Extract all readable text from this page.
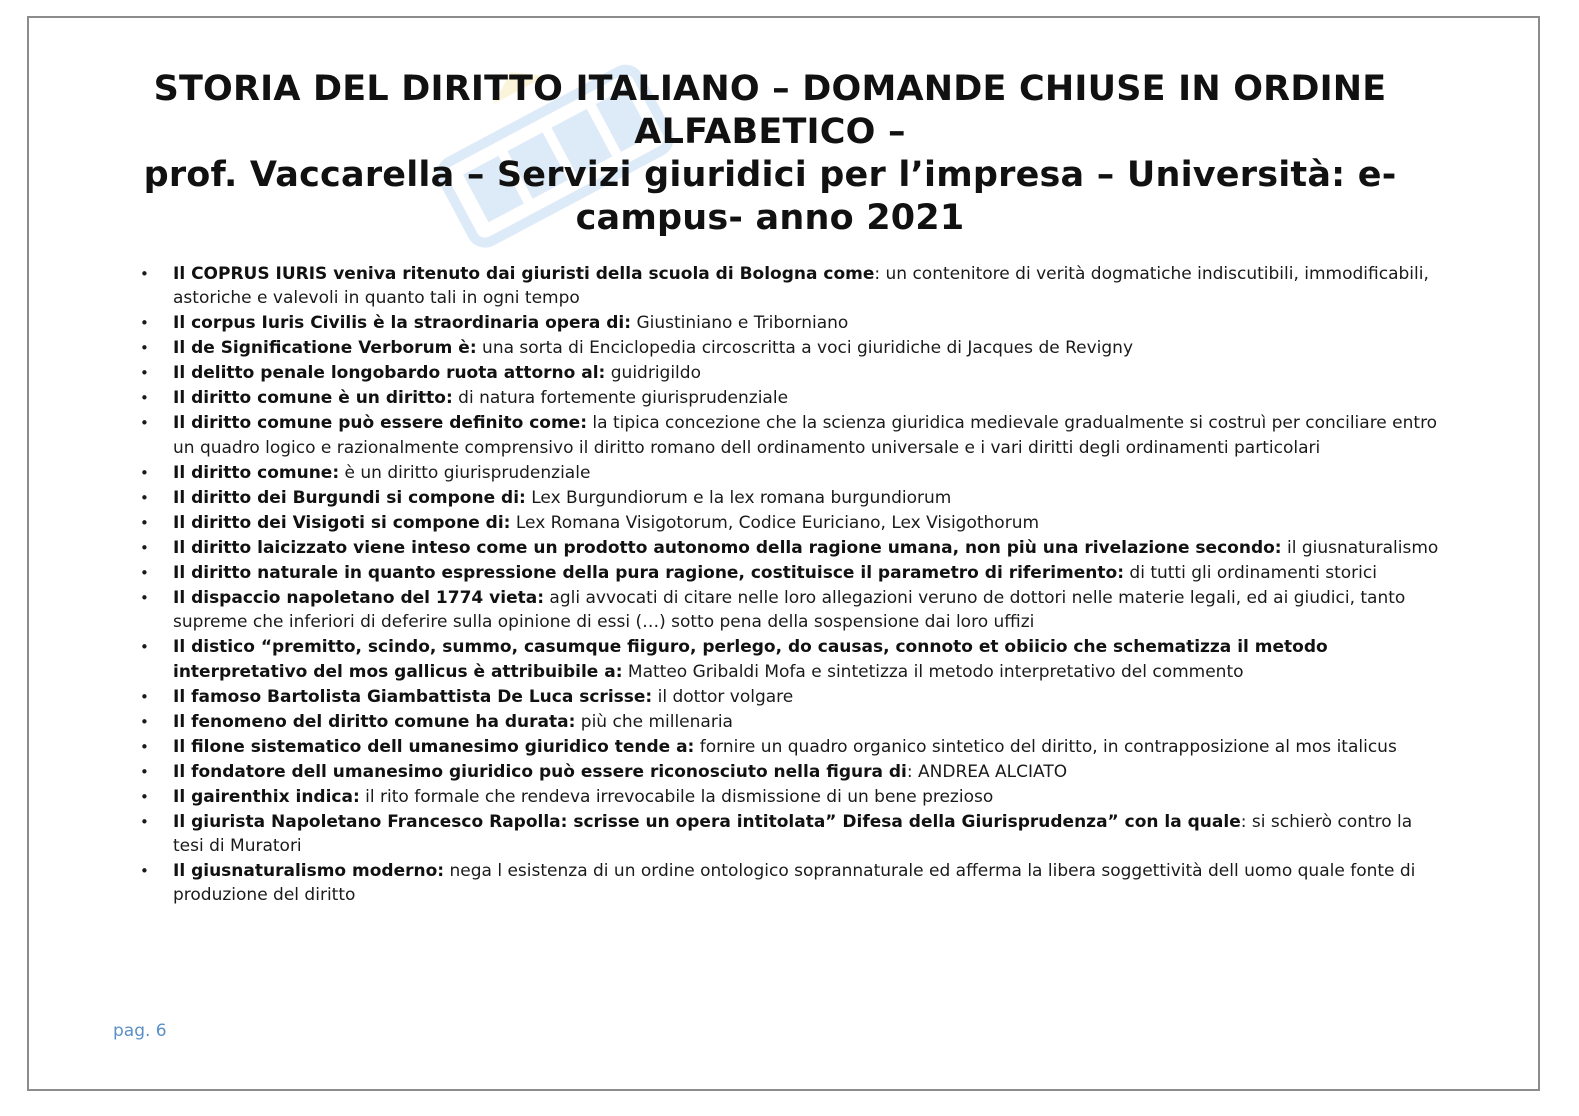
STORIA DEL DIRITTO ITALIANO – DOMANDE CHIUSE IN ORDINE
ALFABETICO –
prof. Vaccarella – Servizi giuridici per l’impresa – Università: e-
campus- anno 2021
• Il COPRUS IURIS veniva ritenuto dai giuristi della scuola di Bologna come: un contenitore di verità dogmatiche indiscutibili, immodificabili, astoriche e valevoli in quanto tali in ogni tempo
• Il corpus Iuris Civilis è la straordinaria opera di: Giustiniano e Triborniano
• Il de Significatione Verborum è: una sorta di Enciclopedia circoscritta a voci giuridiche di Jacques de Revigny
• Il delitto penale longobardo ruota attorno al: guidrigildo
• Il diritto comune è un diritto: di natura fortemente giurisprudenziale
• Il diritto comune può essere definito come: la tipica concezione che la scienza giuridica medievale gradualmente si costruì per conciliare entro un quadro logico e razionalmente comprensivo il diritto romano dell ordinamento universale e i vari diritti degli ordinamenti particolari
• Il diritto comune: è un diritto giurisprudenziale
• Il diritto dei Burgundi si compone di: Lex Burgundiorum e la lex romana burgundiorum
• Il diritto dei Visigoti si compone di: Lex Romana Visigotorum, Codice Euriciano, Lex Visigothorum
• Il diritto laicizzato viene inteso come un prodotto autonomo della ragione umana, non più una rivelazione secondo: il giusnaturalismo
• Il diritto naturale in quanto espressione della pura ragione, costituisce il parametro di riferimento: di tutti gli ordinamenti storici
• Il dispaccio napoletano del 1774 vieta: agli avvocati di citare nelle loro allegazioni veruno de dottori nelle materie legali, ed ai giudici, tanto supreme che inferiori di deferire sulla opinione di essi (…) sotto pena della sospensione dai loro uffizi
• Il distico “premitto, scindo, summo, casumque fiiguro, perlego, do causas, connoto et obiicio che schematizza il metodo interpretativo del mos gallicus è attribuibile a: Matteo Gribaldi Mofa e sintetizza il metodo interpretativo del commento
• Il famoso Bartolista Giambattista De Luca scrisse: il dottor volgare
• Il fenomeno del diritto comune ha durata: più che millenaria
• Il filone sistematico dell umanesimo giuridico tende a: fornire un quadro organico sintetico del diritto, in contrapposizione al mos italicus
• Il fondatore dell umanesimo giuridico può essere riconosciuto nella figura di: ANDREA ALCIATO
• Il gairenthix indica: il rito formale che rendeva irrevocabile la dismissione di un bene prezioso
• Il giurista Napoletano Francesco Rapolla: scrisse un opera intitolata” Difesa della Giurisprudenza” con la quale: si schierò contro la tesi di Muratori
• Il giusnaturalismo moderno: nega l esistenza di un ordine ontologico soprannaturale ed afferma la libera soggettività dell uomo quale fonte di produzione del diritto
pag. 6
